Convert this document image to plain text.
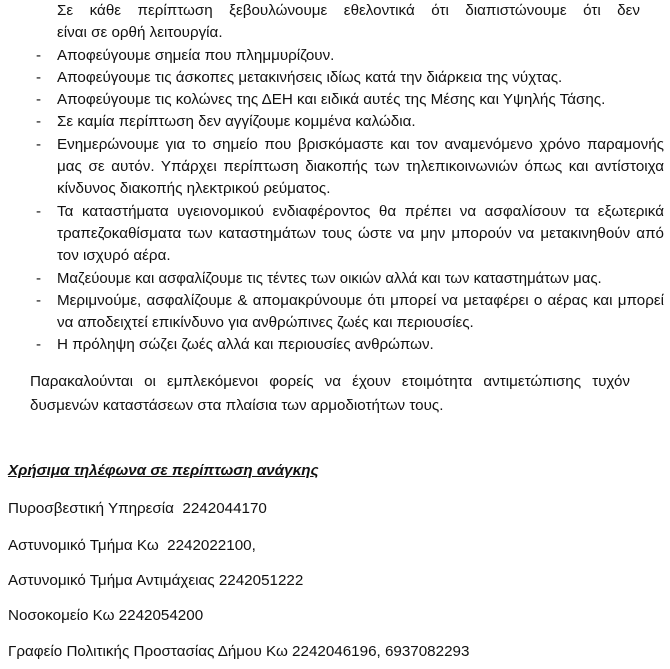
Σε κάθε περίπτωση ξεβουλώνουμε εθελοντικά ότι διαπιστώνουμε ότι δεν
είναι σε ορθή λειτουργία.
- Αποφεύγουμε σημεία που πλημμυρίζουν.
- Αποφεύγουμε τις άσκοπες μετακινήσεις ιδίως κατά την διάρκεια της νύχτας.
- Αποφεύγουμε τις κολώνες της ΔΕΗ και ειδικά αυτές της Μέσης και Υψηλής Τάσης.
- Σε καμία περίπτωση δεν αγγίζουμε κομμένα καλώδια.
- Ενημερώνουμε για το σημείο που βρισκόμαστε και τον αναμενόμενο χρόνο παραμονής μας σε αυτόν. Υπάρχει περίπτωση διακοπής των τηλεπικοινωνιών όπως και αντίστοιχα κίνδυνος διακοπής ηλεκτρικού ρεύματος.
- Τα καταστήματα υγειονομικού ενδιαφέροντος θα πρέπει να ασφαλίσουν τα εξωτερικά τραπεζοκαθίσματα των καταστημάτων τους ώστε να μην μπορούν να μετακινηθούν από τον ισχυρό αέρα.
- Μαζεύουμε και ασφαλίζουμε τις τέντες των οικιών αλλά και των καταστημάτων μας.
- Μεριμνούμε, ασφαλίζουμε & απομακρύνουμε ότι μπορεί να μεταφέρει ο αέρας και μπορεί να αποδειχτεί επικίνδυνο για ανθρώπινες ζωές και περιουσίες.
- Η πρόληψη σώζει ζωές αλλά και περιουσίες ανθρώπων.
Παρακαλούνται οι εμπλεκόμενοι φορείς να έχουν ετοιμότητα αντιμετώπισης τυχόν δυσμενών καταστάσεων στα πλαίσια των αρμοδιοτήτων τους.
Χρήσιμα τηλέφωνα σε περίπτωση ανάγκης
Πυροσβεστική Υπηρεσία  2242044170
Αστυνομικό Τμήμα Κω  2242022100,
Αστυνομικό Τμήμα Αντιμάχειας 2242051222
Νοσοκομείο Κω 2242054200
Γραφείο Πολιτικής Προστασίας Δήμου Κω 2242046196, 6937082293
